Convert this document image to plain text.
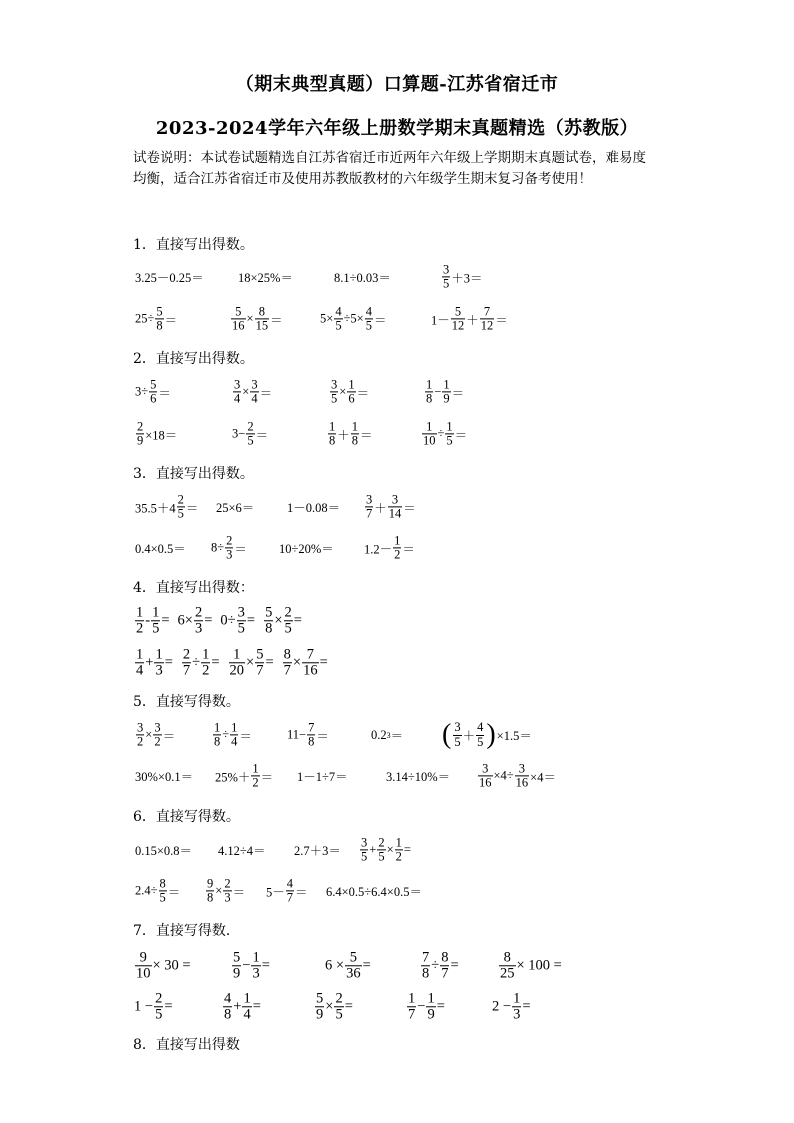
（期末典型真题）口算题-江苏省宿迁市
2023-2024学年六年级上册数学期末真题精选（苏教版）
试卷说明：本试卷试题精选自江苏省宿迁市近两年六年级上学期期末真题试卷，难易度
均衡，适合江苏省宿迁市及使用苏教版教材的六年级学生期末复习备考使用！
1．直接写出得数。
2．直接写出得数。
3．直接写出得数。
4．直接写出得数：
5．直接写得数。
6．直接写得数。
7．直接写得数．
8．直接写出得数
3.25－0.25＝	18×25%＝	8.1÷0.03＝	$\frac{3}{5} +3=$
$25\div \frac{5}{8}$ ＝	$\frac{5}{16} \times \frac{8}{15}$ ＝	$5\times \frac{4}{5} \div 5\times \frac{4}{5}$ ＝	$1- \frac{5}{12} + \frac{7}{12}$ ＝
$3\div \frac{5}{6}$ ＝	$\frac{3}{4} \times \frac{3}{4}$ ＝	$\frac{3}{5} \times \frac{1}{6}$ ＝	$\frac{1}{8} - \frac{1}{9}$ ＝
$\frac{2}{9} \times 18=$	$3- \frac{2}{5}$ ＝	$\frac{1}{8} + \frac{1}{8}$ ＝	$\frac{1}{10} \div \frac{1}{5}$ ＝
$35.5+4 \frac{2}{5} = 25\times 6=$	$1-0.08= \frac{3}{7} + \frac{3}{14}$ ＝
$0.4\times 0.5= 8\div \frac{2}{3}$ ＝	$10\div 20\%= 1.2- \frac{1}{2}$ ＝
$\frac{1}{2} - \frac{1}{5} = 6\times \frac{2}{3} = 0\div \frac{3}{5} = \frac{5}{8} \times \frac{2}{5}$ =
$\frac{1}{4} + \frac{1}{3} = \frac{2}{7} \div \frac{1}{2} = \frac{1}{20} \times \frac{5}{7} = \frac{8}{7} \times \frac{7}{16}$ =
$\frac{3}{2} \times \frac{3}{2}$ ＝	$\frac{1}{8} \div \frac{1}{4}$ ＝	$11- \frac{7}{8}$ ＝	0.2 3 ＝ ( $\frac{3}{5} + \frac{4}{5}$ ) ×1.5＝
$30\%\times 0.1= 25\%+ \frac{1}{2} = 1-1\div 7=$	$3.14\div 10\%= \frac{3}{16} \times 4\div \frac{3}{16} \times 4=$
$0.15\times 0.8= 4.12\div 4= 2.7+3= \frac{3}{5} + \frac{2}{5} \times \frac{1}{2}$ =
$2.4\div \frac{8}{5} = \frac{9}{8} \times \frac{2}{3} = 5- \frac{4}{7} = 6.4\times 0.5\div 6.4\times 0.5=$
$\frac{9}{10} \times 30$ =	$\frac{5}{9} - \frac{1}{3}$ =	$6 \times \frac{5}{36}$ =	$\frac{7}{8} \div \frac{8}{7}$ =	$\frac{8}{25} \times 100$ =
$1 - \frac{2}{5}$ =	$\frac{4}{8} + \frac{1}{4}$ =	$\frac{5}{9} \times \frac{2}{5}$ =	$\frac{1}{7} - \frac{1}{9}$ =	$2 - \frac{1}{3}$ =
